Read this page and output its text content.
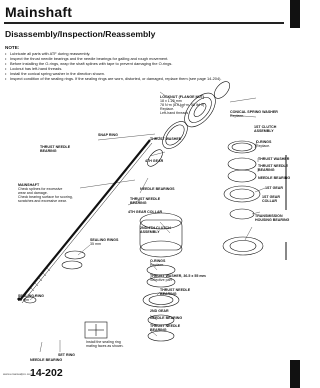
Mainshaft
Disassembly/Inspection/Reassembly
NOTE:
• Lubricate all parts with ATF during reassembly.
• Inspect the thrust needle bearings and the needle bearings for galling and rough movement.
• Before installing the O-rings, wrap the shaft splines with tape to prevent damaging the O-rings.
• Locknut has left-hand threads.
• Install the conical spring washer in the direction shown.
• Inspect condition of the sealing rings. If the sealing rings are worn, distorted, or damaged, replace them (see page 14-204).
LOCKNUT (FLANGE NUT)
18 x 1.25 mm
78 N·m (8.0 kgf·m, 58 lbf·ft)
Replace.
Left-hand threads	CONICAL SPRING WASHER
Replace.
1ST CLUTCH
ASSEMBLY
O-RINGS
Replace.
SNAP RING
THRUST WASHER
THRUST NEEDLE
BEARING
THRUST WASHER
THRUST NEEDLE
BEARING
4TH GEAR
NEEDLE BEARING
1ST GEAR
1ST GEAR
COLLAR
MAINSHAFT
Check splines for excessive
wear and damage.
Check bearing surface for scoring,
scratches and excessive wear.
NEEDLE BEARINGS
THRUST NEEDLE
BEARING
4TH GEAR COLLAR
TRANSMISSION
HOUSING BEARING
2ND/4TH CLUTCH
ASSEMBLY
O-RINGS
Replace.
THRUST WASHER, 36.5 x 55 mm
Selective part
THRUST NEEDLE
BEARING
SEALING RINGS
35 mm
SEALING RING
29 mm
2ND GEAR
NEEDLE BEARING
THRUST NEEDLE
BEARING
Install the sealing ring
mating faces as shown.
SET RING
NEEDLE BEARING
www.emanualpro.com
14-202
